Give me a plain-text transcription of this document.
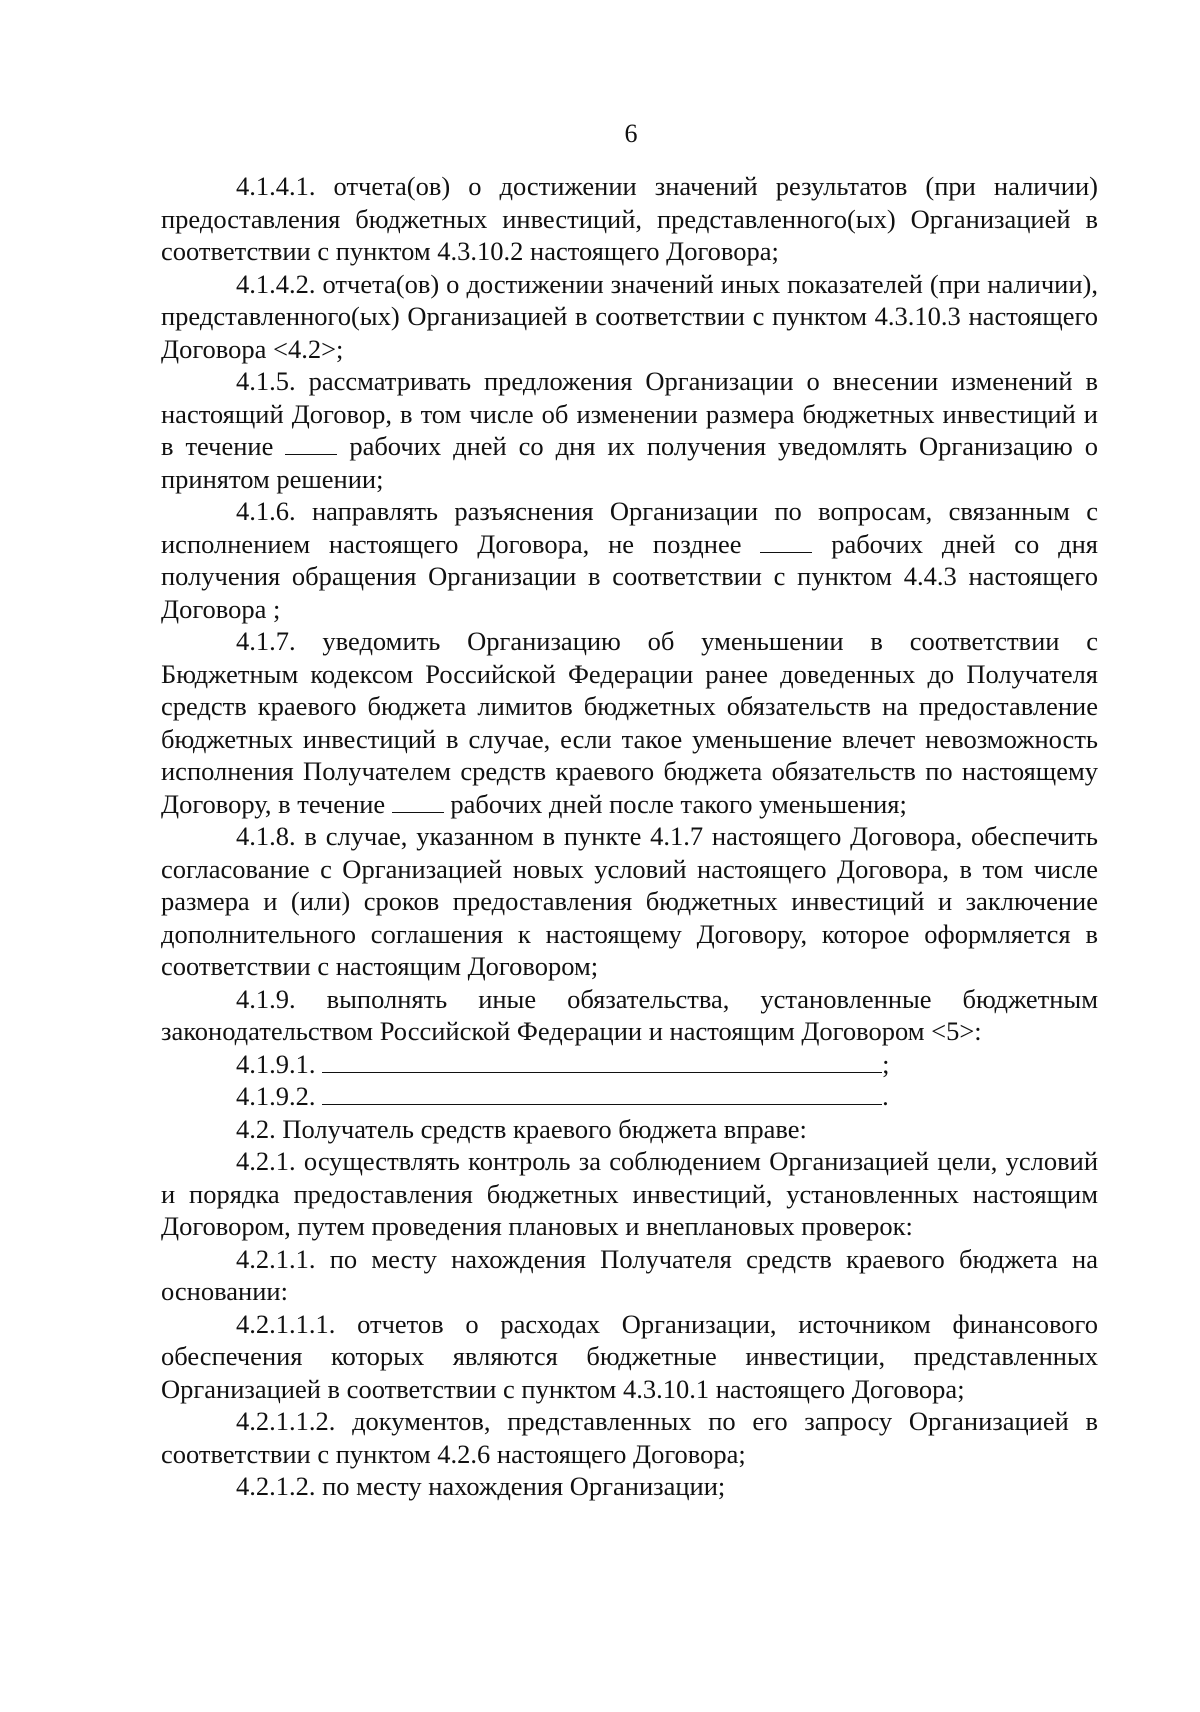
6

4.1.4.1. отчета(ов) о достижении значений результатов (при наличии) предоставления бюджетных инвестиций, представленного(ых) Организацией в соответствии с пунктом 4.3.10.2 настоящего Договора;

4.1.4.2. отчета(ов) о достижении значений иных показателей (при наличии), представленного(ых) Организацией в соответствии с пунктом 4.3.10.3 настоящего Договора <4.2>;

4.1.5. рассматривать предложения Организации о внесении изменений в настоящий Договор, в том числе об изменении размера бюджетных инвестиций и в течение	рабочих дней со дня их получения уведомлять Организацию о принятом решении;

4.1.6. направлять разъяснения Организации по вопросам, связанным с исполнением настоящего Договора, не позднее	рабочих дней со дня получения обращения Организации в соответствии с пунктом 4.4.3 настоящего Договора ;

4.1.7. уведомить Организацию об уменьшении в соответствии с Бюджетным кодексом Российской Федерации ранее доведенных до Получателя средств краевого бюджета лимитов бюджетных обязательств на предоставление бюджетных инвестиций в случае, если такое уменьшение влечет невозможность исполнения Получателем средств краевого бюджета обязательств по настоящему Договору, в течение рабочих дней после такого уменьшения;

4.1.8. в случае, указанном в пункте 4.1.7 настоящего Договора, обеспечить согласование с Организацией новых условий настоящего Договора, в том числе размера и (или) сроков предоставления бюджетных инвестиций и заключение дополнительного соглашения к настоящему Договору, которое оформляется в соответствии с настоящим Договором;

4.1.9. выполнять иные обязательства, установленные бюджетным законодательством Российской Федерации и настоящим Договором <5>:

4.1.9.1.	;

4.1.9.2.	.

4.2. Получатель средств краевого бюджета вправе:

4.2.1. осуществлять контроль за соблюдением Организацией цели, условий и порядка предоставления бюджетных инвестиций, установленных настоящим Договором, путем проведения плановых и внеплановых проверок:

4.2.1.1. по месту нахождения Получателя средств краевого бюджета на основании:

4.2.1.1.1. отчетов о расходах Организации, источником финансового обеспечения которых являются бюджетные инвестиции, представленных Организацией в соответствии с пунктом 4.3.10.1 настоящего Договора;

4.2.1.1.2. документов, представленных по его запросу Организацией в соответствии с пунктом 4.2.6 настоящего Договора;

4.2.1.2. по месту нахождения Организации;
